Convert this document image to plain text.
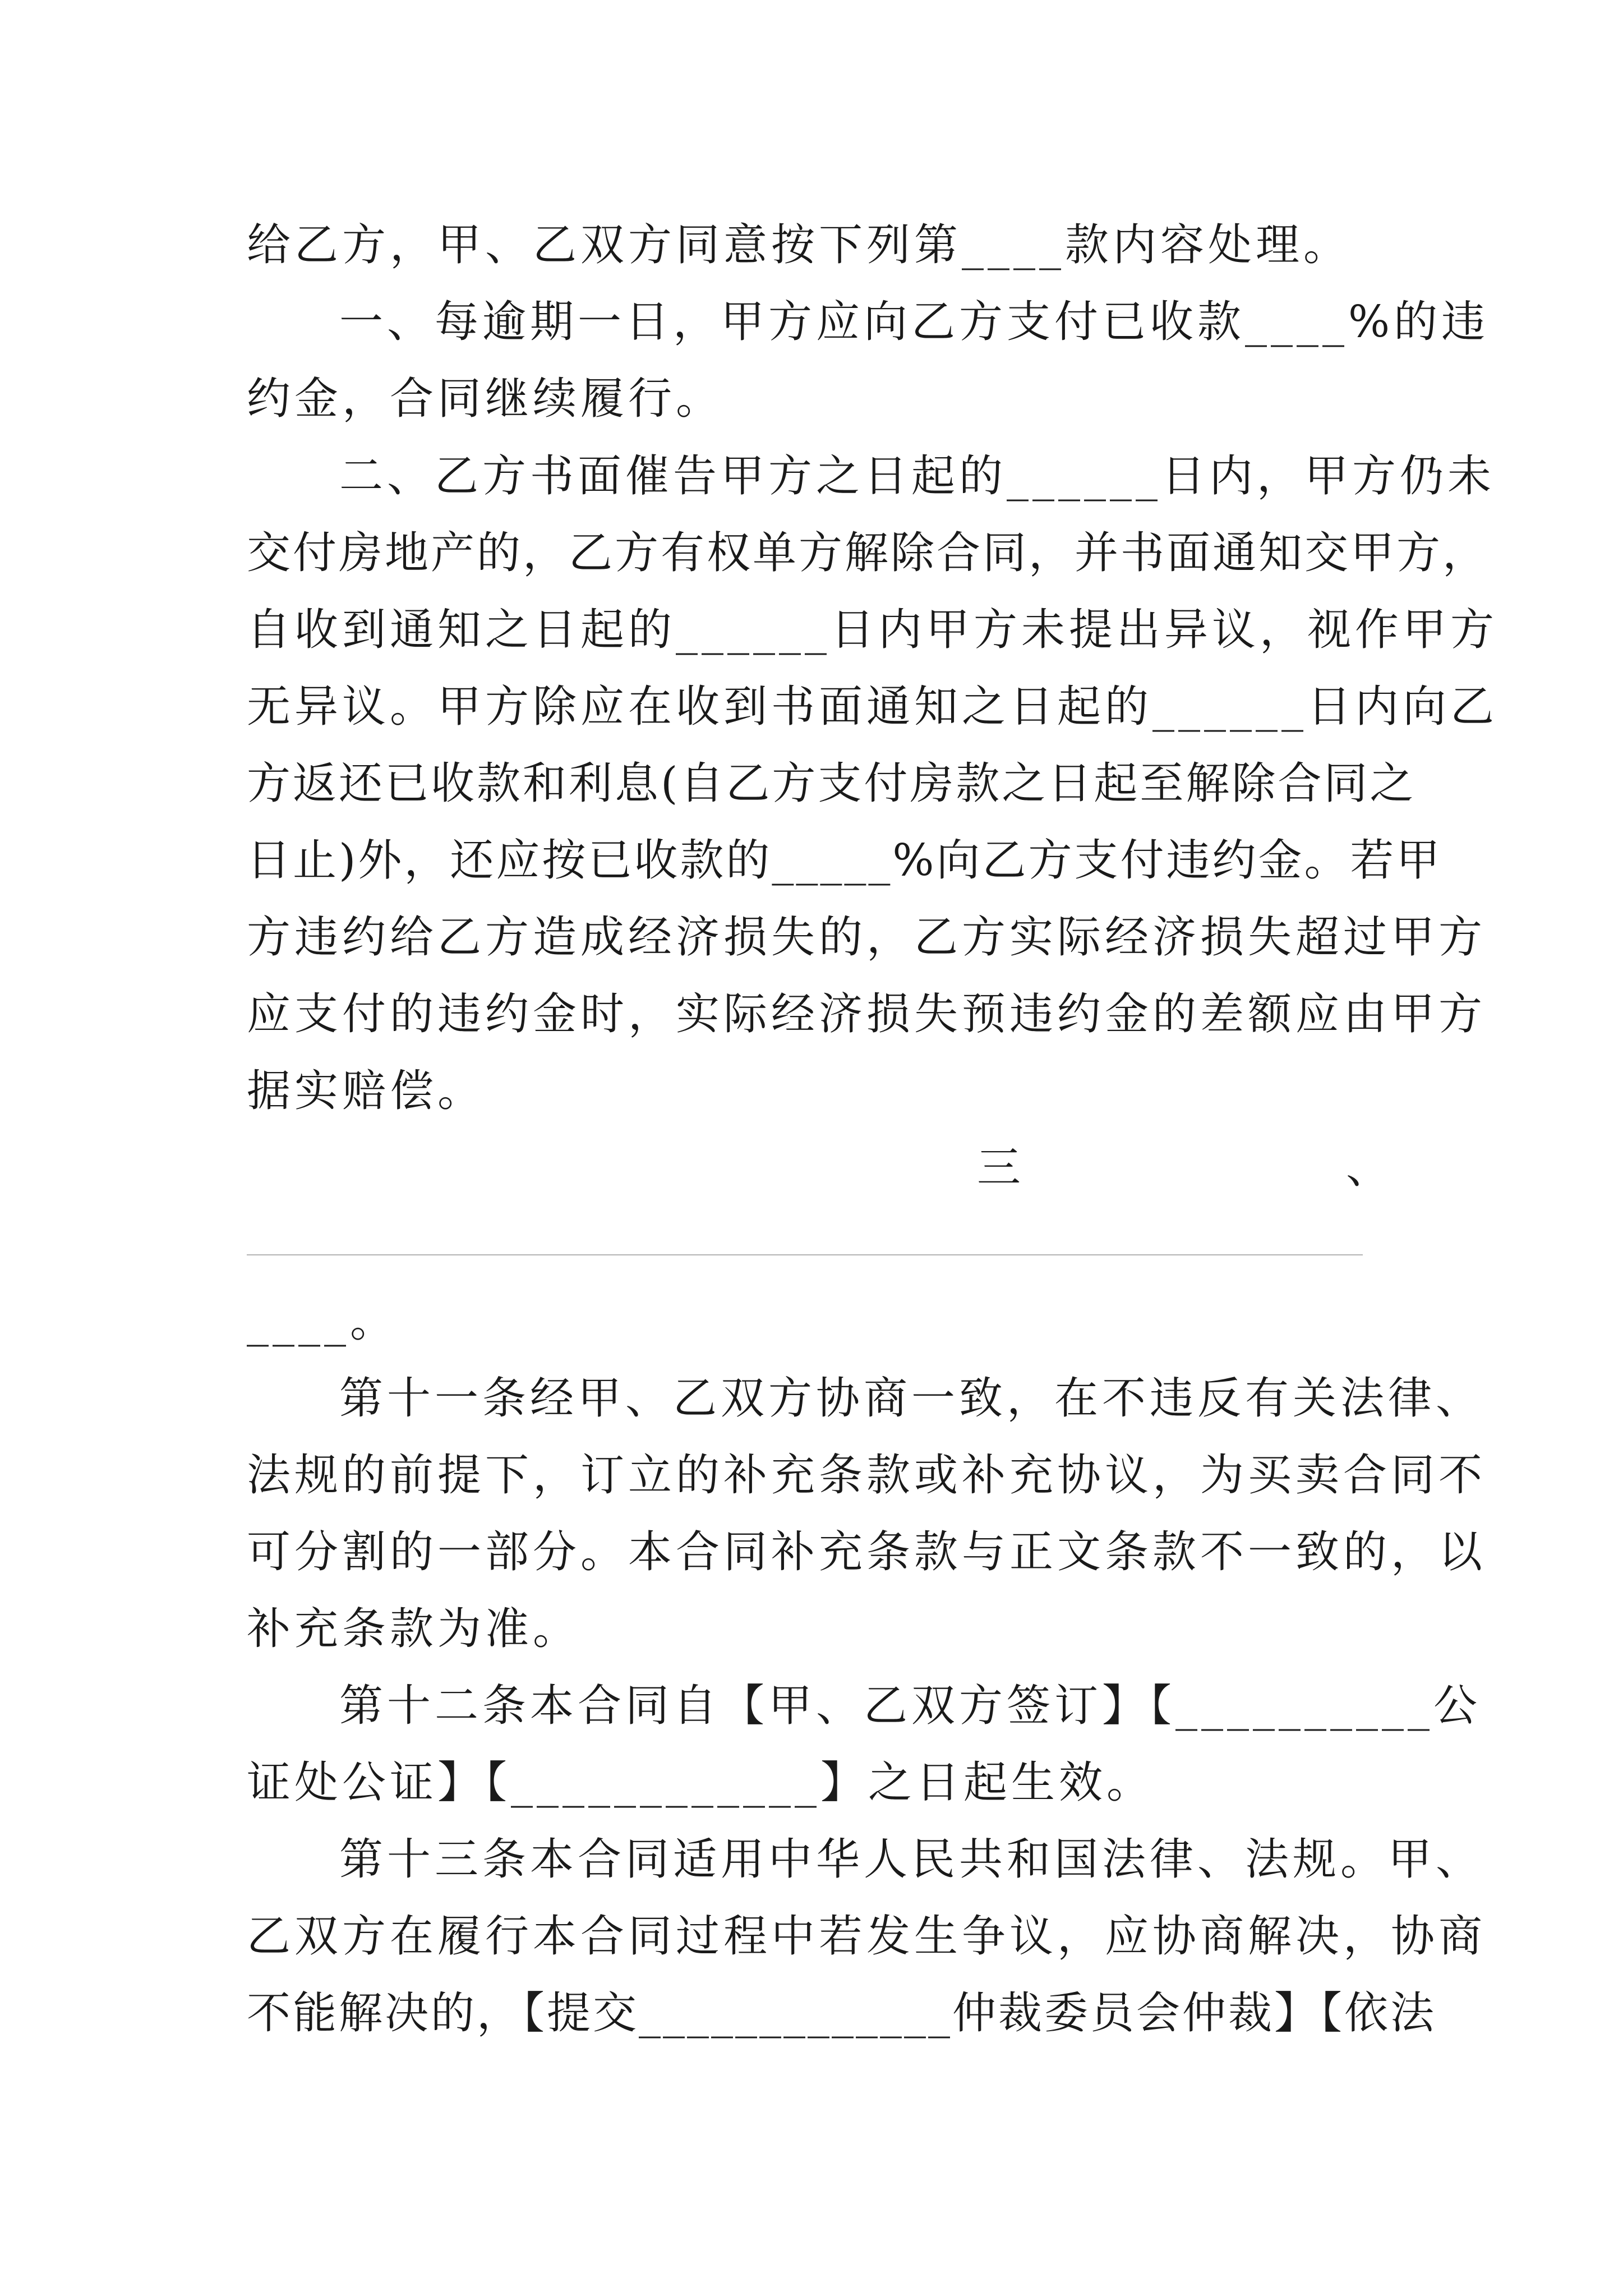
给乙方，甲、乙双方同意按下列第____款内容处理。
一、每逾期一日，甲方应向乙方支付已收款____%的违
约金，合同继续履行。
二、乙方书面催告甲方之日起的______日内，甲方仍未
交付房地产的，乙方有权单方解除合同，并书面通知交甲方，
自收到通知之日起的______日内甲方未提出异议，视作甲方
无异议。甲方除应在收到书面通知之日起的______日内向乙
方返还已收款和利息(自乙方支付房款之日起至解除合同之
日止)外，还应按已收款的_____%向乙方支付违约金。若甲
方违约给乙方造成经济损失的，乙方实际经济损失超过甲方
应支付的违约金时，实际经济损失预违约金的差额应由甲方
据实赔偿。
三	、
____。
第十一条经甲、乙双方协商一致，在不违反有关法律、
法规的前提下，订立的补充条款或补充协议，为买卖合同不
可分割的一部分。本合同补充条款与正文条款不一致的，以
补充条款为准。
第十二条本合同自【甲、乙双方签订】【__________公
证处公证】【____________】之日起生效。
第十三条本合同适用中华人民共和国法律、法规。甲、
乙双方在履行本合同过程中若发生争议，应协商解决，协商
不能解决的，【提交_____________仲裁委员会仲裁】【依法
